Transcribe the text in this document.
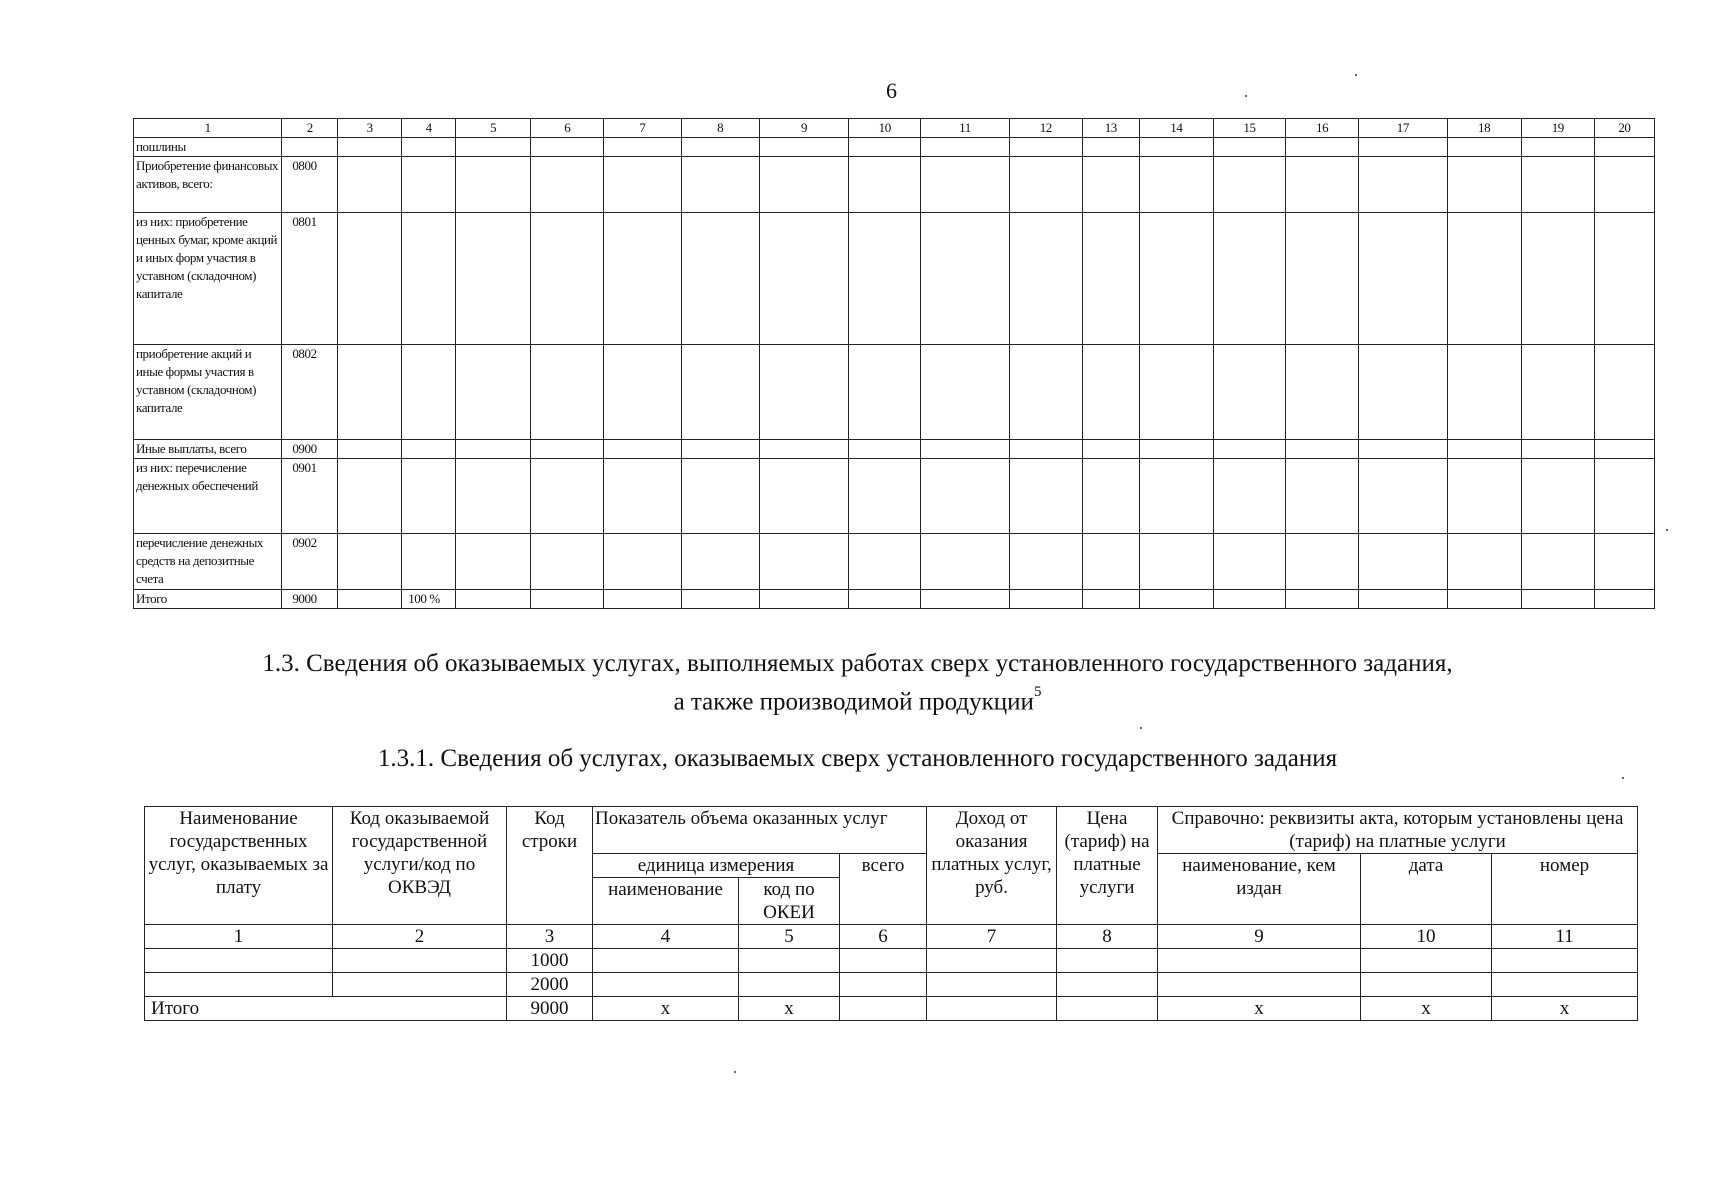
6
1	2	3	4	5	6	7	8	9	10	11	12	13	14	15	16	17	18	19	20
пошлины																			
Приобретение финансовых активов, всего:	0800																		
из них: приобретение ценных бумаг, кроме акций и иных форм участия в уставном (складочном) капитале	0801																		
приобретение акций и иные формы участия в уставном (складочном) капитале	0802																		
Иные выплаты, всего	0900																		
из них: перечисление денежных обеспечений	0901																		
перечисление денежных средств на депозитные счета	0902																		
Итого	9000		100 %																
1.3. Сведения об оказываемых услугах, выполняемых работах сверх установленного государственного задания,
а также производимой продукции$^5$
1.3.1. Сведения об услугах, оказываемых сверх установленного государственного задания
Наименование государственных услуг, оказываемых за плату	Код оказываемой государственной услуги/код по ОКВЭД	Код строки	Показатель объема оказанных услуг			Доход от оказания платных услуг, руб.	Цена (тариф) на платные услуги	Справочно: реквизиты акта, которым установлены цена (тариф) на платные услуги		
			единица измерения		всего			наименование, кем издан	дата	номер
			наименование	код по ОКЕИ						
1	2	3	4	5	6	7	8	9	10	11
		1000								
		2000								
Итого		9000	х	х				х	х	х
